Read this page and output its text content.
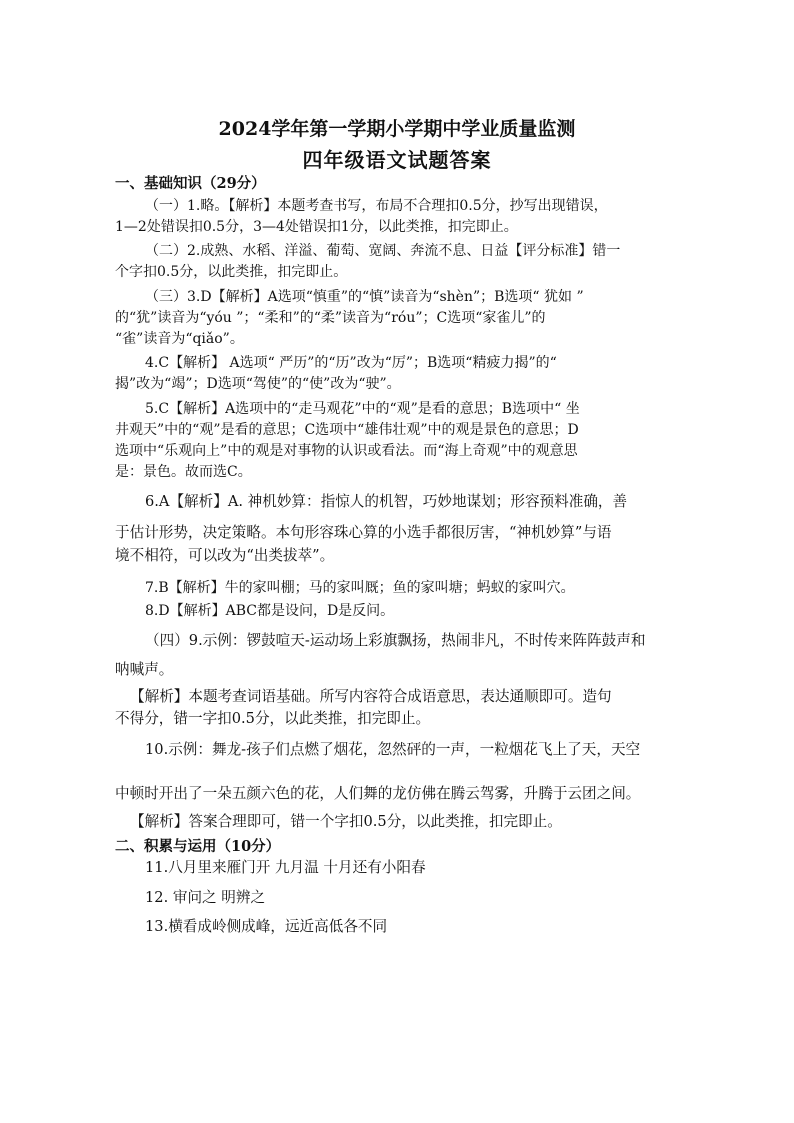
2024学年第一学期小学期中学业质量监测
四年级语文试题答案
一、基础知识（29分）
（一）1.略。【解析】本题考查书写，布局不合理扣0.5分，抄写出现错误，
1—2处错误扣0.5分，3—4处错误扣1分，以此类推，扣完即止。
（二）2.成熟、水稻、洋溢、葡萄、宽阔、奔流不息、日益【评分标准】错一
个字扣0.5分，以此类推，扣完即止。
（三）3.D【解析】A选项“慎重”的“慎”读音为“shèn”；B选项“ 犹如 ”
的“犹”读音为“yóu ”；“柔和”的“柔”读音为“róu”；C选项“家雀儿”的
“雀”读音为“qiǎo”。
4.C【解析】 A选项“ 严历”的“历”改为“厉”；B选项“精疲力揭”的“
揭”改为“竭”；D选项“驾使”的“使”改为“驶”。
5.C【解析】A选项中的“走马观花”中的“观”是看的意思；B选项中“ 坐
井观天”中的“观”是看的意思；C选项中“雄伟壮观”中的观是景色的意思；D
选项中“乐观向上”中的观是对事物的认识或看法。而“海上奇观”中的观意思
是：景色。故而选C。
6.A【解析】A. 神机妙算：指惊人的机智，巧妙地谋划；形容预料准确，善
于估计形势，决定策略。本句形容珠心算的小选手都很厉害，“神机妙算”与语
境不相符，可以改为“出类拔萃”。
7.B【解析】牛的家叫棚；马的家叫厩；鱼的家叫塘；蚂蚁的家叫穴。
8.D【解析】ABC都是设问，D是反问。
（四）9.示例：锣鼓喧天-运动场上彩旗飘扬，热闹非凡，不时传来阵阵鼓声和
呐喊声。
【解析】本题考查词语基础。所写内容符合成语意思，表达通顺即可。造句
不得分，错一字扣0.5分，以此类推，扣完即止。
10.示例：舞龙-孩子们点燃了烟花，忽然砰的一声，一粒烟花飞上了天，天空
中顿时开出了一朵五颜六色的花，人们舞的龙仿佛在腾云驾雾，升腾于云团之间。
【解析】答案合理即可，错一个字扣0.5分，以此类推，扣完即止。
二、积累与运用（10分）
11.八月里来雁门开 九月温 十月还有小阳春
12. 审问之 明辨之
13.横看成岭侧成峰，远近高低各不同
